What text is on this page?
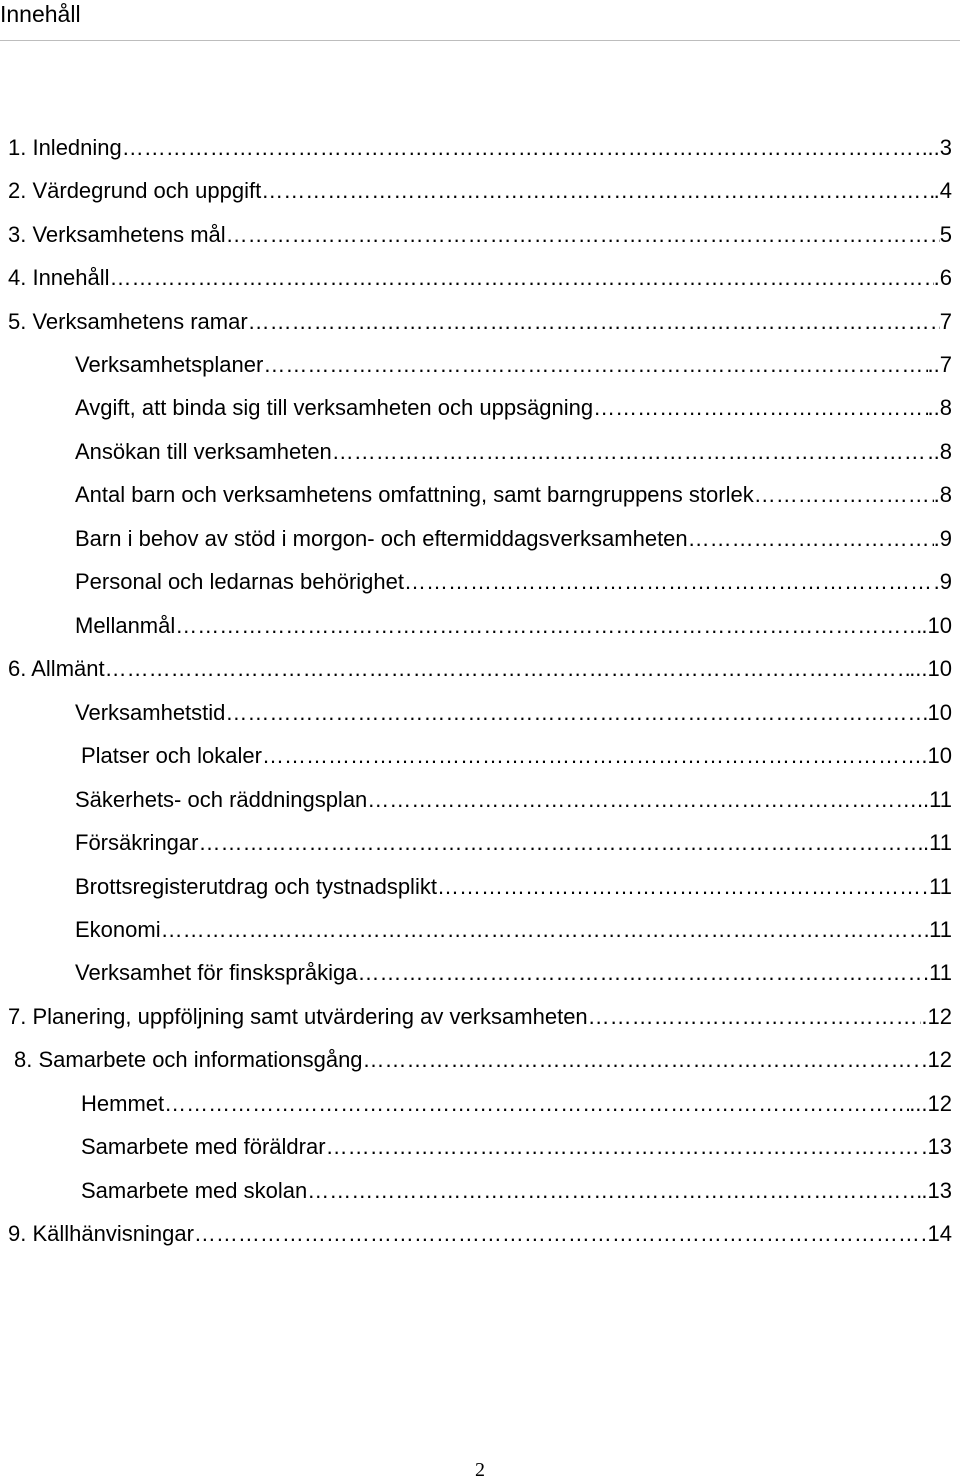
Innehåll
1. Inledning ………………………………………………………………………………………………………………………………………………………………………………………………………………………………………………………………………………………………………………	..3
2. Värdegrund och uppgift ………………………………………………………………………………………………………………………………………………………………………………………………………………………………………………………………………………………………………………	.4
3. Verksamhetens mål ………………………………………………………………………………………………………………………………………………………………………………………………………………………………………………………………………………………………………………	5
4. Innehåll ………………………………………………………………………………………………………………………………………………………………………………………………………………………………………………………………………………………………………………	.6
5. Verksamhetens ramar ………………………………………………………………………………………………………………………………………………………………………………………………………………………………………………………………………………………………………………	7
Verksamhetsplaner ………………………………………………………………………………………………………………………………………………………………………………………………………………………………………………………………………………………………………………	..7
Avgift, att binda sig till verksamheten och uppsägning ………………………………………………………………………………………………………………………………………………………………………………………………………………………………………………………………………………………………………………	..8
Ansökan till verksamheten ………………………………………………………………………………………………………………………………………………………………………………………………………………………………………………………………………………………………………………	..8
Antal barn och verksamhetens omfattning, samt barngruppens storlek ………………………………………………………………………………………………………………………………………………………………………………………………………………………………………………………………………………………………………………	.8
Barn i behov av stöd i morgon- och eftermiddagsverksamheten ………………………………………………………………………………………………………………………………………………………………………………………………………………………………………………………………………………………………………………	.9
Personal och ledarnas behörighet ………………………………………………………………………………………………………………………………………………………………………………………………………………………………………………………………………………………………………………	.9
Mellanmål ………………………………………………………………………………………………………………………………………………………………………………………………………………………………………………………………………………………………………………	.10
6. Allmänt ………………………………………………………………………………………………………………………………………………………………………………………………………………………………………………………………………………………………………………	...10
Verksamhetstid ………………………………………………………………………………………………………………………………………………………………………………………………………………………………………………………………………………………………………………	10
Platser och lokaler ………………………………………………………………………………………………………………………………………………………………………………………………………………………………………………………………………………………………………………	.10
Säkerhets- och räddningsplan ………………………………………………………………………………………………………………………………………………………………………………………………………………………………………………………………………………………………………………	..11
Försäkringar ………………………………………………………………………………………………………………………………………………………………………………………………………………………………………………………………………………………………………………	.11
Brottsregisterutdrag och tystnadsplikt ………………………………………………………………………………………………………………………………………………………………………………………………………………………………………………………………………………………………………………	11
Ekonomi ………………………………………………………………………………………………………………………………………………………………………………………………………………………………………………………………………………………………………………	11
Verksamhet för finskspråkiga ………………………………………………………………………………………………………………………………………………………………………………………………………………………………………………………………………………………………………………	.11
7. Planering, uppföljning samt utvärdering av verksamheten ………………………………………………………………………………………………………………………………………………………………………………………………………………………………………………………………………………………………………………	.12
8. Samarbete och informationsgång ………………………………………………………………………………………………………………………………………………………………………………………………………………………………………………………………………………………………………………	.12
Hemmet ………………………………………………………………………………………………………………………………………………………………………………………………………………………………………………………………………………………………………………	...12
Samarbete med föräldrar ………………………………………………………………………………………………………………………………………………………………………………………………………………………………………………………………………………………………………………	.13
Samarbete med skolan ………………………………………………………………………………………………………………………………………………………………………………………………………………………………………………………………………………………………………………	.13
9. Källhänvisningar ………………………………………………………………………………………………………………………………………………………………………………………………………………………………………………………………………………………………………………	14
2
